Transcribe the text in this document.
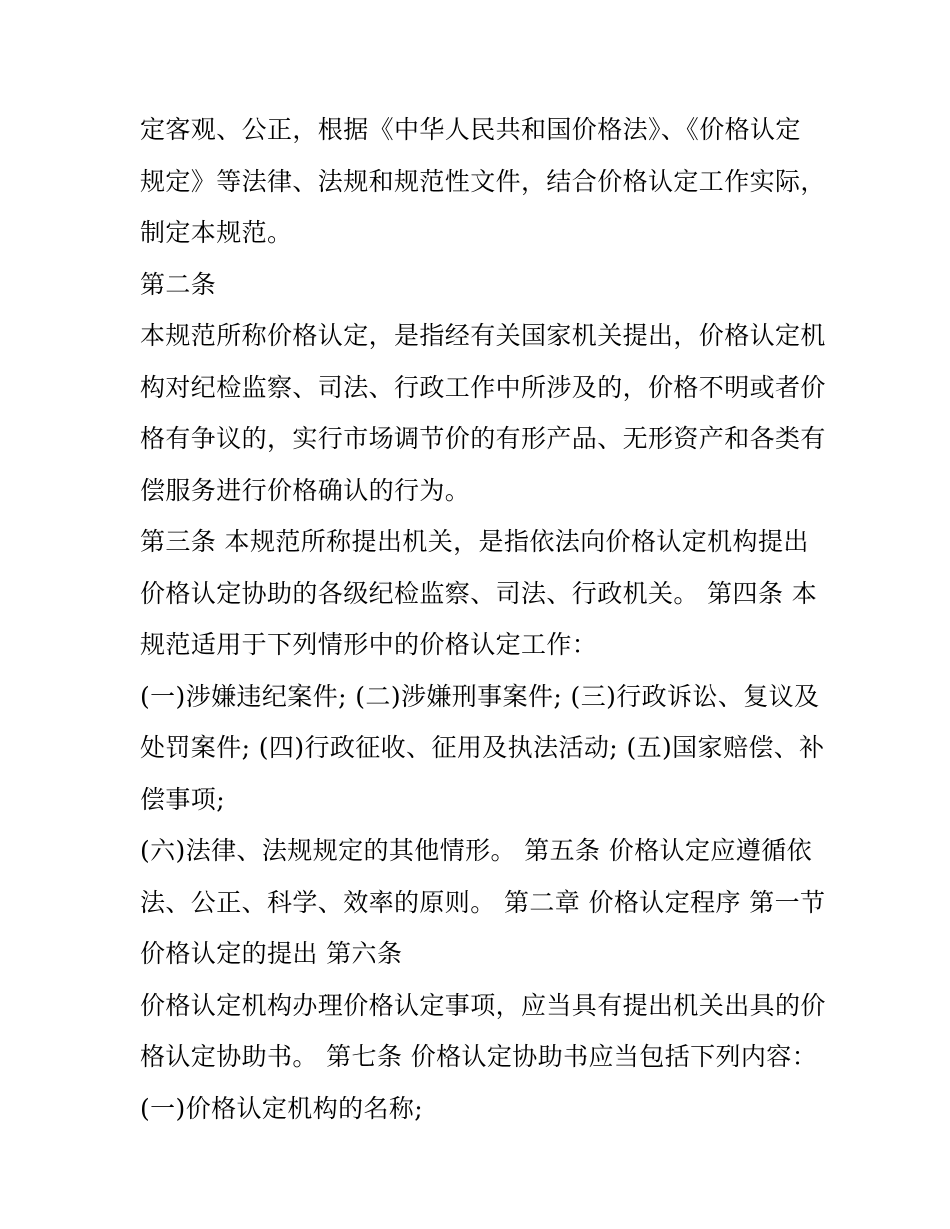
定客观、公正，根据《中华人民共和国价格法》、《价格认定
规定》等法律、法规和规范性文件，结合价格认定工作实际，
制定本规范。
第二条
本规范所称价格认定，是指经有关国家机关提出，价格认定机
构对纪检监察、司法、行政工作中所涉及的，价格不明或者价
格有争议的，实行市场调节价的有形产品、无形资产和各类有
偿服务进行价格确认的行为。
第三条 本规范所称提出机关，是指依法向价格认定机构提出
价格认定协助的各级纪检监察、司法、行政机关。 第四条 本
规范适用于下列情形中的价格认定工作：
(一)涉嫌违纪案件; (二)涉嫌刑事案件; (三)行政诉讼、复议及
处罚案件; (四)行政征收、征用及执法活动; (五)国家赔偿、补
偿事项;
(六)法律、法规规定的其他情形。 第五条 价格认定应遵循依
法、公正、科学、效率的原则。 第二章 价格认定程序 第一节
价格认定的提出 第六条
价格认定机构办理价格认定事项，应当具有提出机关出具的价
格认定协助书。 第七条 价格认定协助书应当包括下列内容：
(一)价格认定机构的名称;
